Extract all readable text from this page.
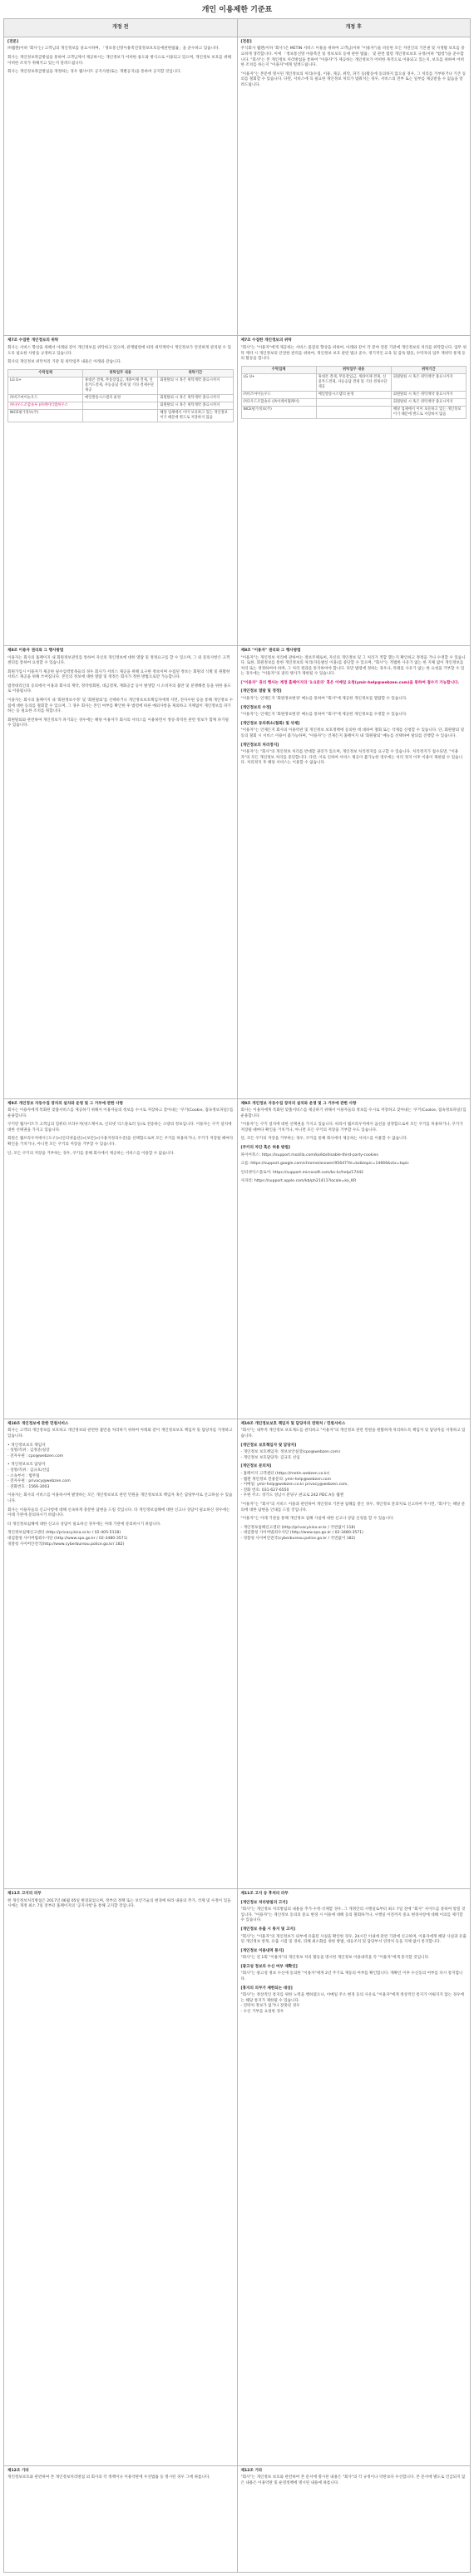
개인 이용제한 기준표
개정 전	개정 후

[전문]
㈜웹젠(이하 '회사'는) 고객님의 개인정보를 중요시하며, 「정보통신망이용촉진및정보보호등에관한법률」을 준수하고 있습니다.
회사는 개인정보취급방침을 통하여 고객님께서 제공하시는 개인정보가 어떠한 용도와 방식으로 이용되고 있으며, 개인정보 보호를 위해 어떠한 조치가 취해지고 있는지 알려드립니다.
회사는 개인정보취급방침을 개정하는 경우 웹사이트 공지사항(또는 개별공지)을 통하여 공지할 것입니다.

[전문]
주식회사 웹젠(이하 '회사')은 METIN 서비스 이용을 위하여 고객님(이하 "이용자")을 비롯한 모든 자연인의 기본권 및 사생활 보호를 중요하게 생각합니다. 이에 「정보통신망 이용촉진 및 정보보호 등에 관한 법률」 및 관련 법령 개인정보보호 규정(이하 "법령")을 준수합니다. "회사"는 본 개인정보 처리방침을 통하여 "이용자"가 제공하는 개인정보가 어떠한 목적으로 이용되고 있는지, 보호를 위하여 어떠한 조치를 하는지 "이용자"에게 알려드립니다.
"이용자"는 본문에 명시된 개인정보의 처리(수집, 이용, 제공, 위탁, 파기 등)활동에 동의하지 않으실 경우, 그 처리를 거부하거나 기존 동의를 철회할 수 있습니다. 다만, 서비스에 꼭 필요한 개인정보 처리가 멈춰지는 경우, 서비스의 전부 또는 일부를 제공받을 수 없음을 알려드립니다.

제7조 수집한 개인정보의 위탁
회사는 서비스 향상을 위해서 아래와 같이 개인정보를 위탁하고 있으며, 관계법령에 따라 위탁계약시 개인정보가 안전하게 관리될 수 있도록 필요한 사항을 규정하고 있습니다.
회사의 개인정보 위탁처리 기관 및 위탁업무 내용은 아래와 같습니다.
수탁업체	위탁업무 내용	위탁기간
LG U+	휴대폰 결제, 무통장입금, 계좌이체 결제, 신용카드결제, 자동응답 결제 및 기타 결제수단 제공	회원탈퇴 시 혹은 위탁계약 종료시까지
㈜비즈마이놀우드	메일발송시스템의 운영	회원탈퇴 시 혹은 위탁계약 종료시까지
㈜다우드조합솔루 (㈜케이티엠허우스		회원탈퇴 시 혹은 위탁계약 종료시까지
NICE평가정보(주)		해당 업체에서 이미 보유하고 있는 개인정보이기 때문에 별도로 저장하지 않음

제7조 수집한 개인정보의 위탁
"회사"는 "이용자"에게 제공하는 서비스 품질의 향상을 위하여, 아래와 같이 각 분야 전문 기관에 개인정보의 처리를 위탁합니다. 업무 위탁 계약 시 개인정보의 안전한 관리를 위하여, 개인정보 보호 관련 법규 준수, 정기적인 교육 및 감독 활동, 수탁자의 업무 재위탁 통제 등의 활동을 합니다.
수탁업체	위탁업무 내용	위탁기간
LG U+	휴대폰 결제, 무통장입금, 계좌이체 결제, 신용카드결제, 자동응답 결제 및 기타 결제수단 제공	회원탈퇴 시 혹은 위탁계약 종료시까지
㈜비즈마이놀우드	메일발송시스템의 운영	회원탈퇴 시 혹은 위탁계약 종료시까지
㈜다우드조합솔루 (㈜이케이월페이)		회원탈퇴 시 혹은 위탁계약 종료시까지
NICE평가정보(주)		해당 업체에서 이미 보유하고 있는 개인정보이기 때문에 별도로 저장하지 않음

제8조 이용자 권리와 그 행사방법
이용자는 회사의 홈페이지 내 회원정보관리를 통하여 자신의 개인정보에 대한 열람 및 정정요구를 할 수 있으며, 그 외 문의사항은 고객센터를 통하여 요청할 수 있습니다.
회원가입시 이용자가 제공한 필수입력항목들의 경우 회사가 서비스 제공을 위해 요구한 정보이며 수집된 정보는 회원의 식별 및 원활한 서비스 제공을 위해 쓰여집니다. 본인의 정보에 대한 열람 및 정정은 회사가 정한 방법으로만 가능합니다.
법정대리인의 동의에서 이용과 회사의 계약, 정약청회원, 대금결제, 재화공급 등이 발생할 시 소비자의 불만 및 분쟁해결 등을 위한 용도로 이용됩니다.
이용자는 회사의 홈페이지 내 '회원정보수정' 및 '회원탈퇴'를 선택하거나 개인정보보호책임자에게 서면, 전자우편 등을 통해 개인정보 수집에 대한 동의를 철회할 수 있으며, 그 경우 회사는 본인 여부를 확인한 후 법령에 따른 예외사항을 제외하고 지체없이 개인정보를 파기하는 등 필요한 조치를 취합니다.
회원탈퇴와 관련하여 개인정보가 파기되는 경우에는 해당 이용자가 회사의 서비스를 이용하면서 생성·축적된 관련 정보가 함께 파기될 수 있습니다.

제8조 "이용자" 권리와 그 행사방법
"이용자"는 개인정보 처리에 관하여는 정보주체로써, 자신의 개인정보 및 그 처리가 적합 했는지 확인하고 정정을 거나 수정할 수 있습니다. 또한, 회원정보를 통한 개인정보의 처리(자동발신 이용)를 중단할 수 있으며, "회사"는 적법한 사유가 없는 한 지체 없이 개인정보를 처리 또는 정정하여야 하며, 그 처리 결과를 통지하여야 합니다. 다만 법령에 정하는 경우나, 특례를 사유가 없는 한 요청을 거부할 수 있는 경우에는 "이용자"의 권리 행사가 제한될 수 있습니다.
["이용자" 권리 행사는 계정 홈페이지의 '1:1문의' 혹은 이메일 요청(ymir-help@webzen.com)을 통하여 접수가 가능합니다.
[개인정보 열람 및 정정]
"이용자"는 언제든지 '회원정보변경' 메뉴를 통하여 "회사"에 제공한 개인정보를 열람할 수 있습니다.
[개인정보의 수정]
"이용자"는 언제든지 '회원정보변경' 메뉴를 통하여 "회사"에 제공한 개인정보를 수정할 수 있습니다.
[개인정보 동의취소(철회) 및 삭제]
"이용자"는 언제든지 회사의 이용약관 및 개인정보 보호정책에 동의한 데 대하여 철회 또는 삭제를 신청할 수 있습니다. 단, 회원탈퇴 및 동의 철회 시 서비스 이용이 불가능하며, "이용자"는 언제든지 홈페이지 내 '회원탈퇴' 메뉴를 선택하여 탈퇴를 진행할 수 있습니다.
[개인정보의 처리정지]
"이용자"는 "회사"의 개인정보 처리를 반대할 권리가 있으며, 개인정보 처리정지를 요구할 수 있습니다. 처리정지가 접수되면, "이용자"의 모든 개인정보 처리를 중단합니다. 다만, 이로 인하여 서비스 제공이 불가능한 경우에는 처리 정지 이후 이용이 제한될 수 있습니다. 처리정지 후 해당 서비스는 이용할 수 없습니다.

제9조 개인정보 자동수집 장치의 설치와 운영 및 그 거부에 관한 사항
회사는 이용자에게 특화된 맞춤서비스를 제공하기 위해서 이용자들의 정보를 수시로 저장하고 찾아내는 '쿠키(Cookie, 접속정보파일)'를 운용합니다.
쿠키란 웹사이트가 고객님의 컴퓨터 브라우저(넷스케이프, 인터넷 익스플로러 등)로 전송하는 소량의 정보입니다. 이용자는 쿠키 설치에 대한 선택권을 가지고 있습니다.
회원은 웹브라우저에서 [도구]>[인터넷옵션]>[보안]>[사용자정의수준]을 선택함으로써 모든 쿠키를 허용하거나, 쿠키가 저장될 때마다 확인을 거치거나, 아니면 모든 쿠키의 저장을 거부할 수 있습니다.
단, 모든 쿠키의 저장을 거부하는 경우, 쿠키를 통해 회사에서 제공하는 서비스를 이용할 수 없습니다.

제9조 개인정보 자동수집 장치의 설치와 운영 및 그 거부에 관한 사항
회사는 이용자에게 특화된 맞춤서비스를 제공하기 위해서 이용자들의 정보를 수시로 저장하고 찾아내는 '쿠키(Cookie, 접속정보파일)'를 운용합니다.
"이용자"는 쿠키 설치에 대한 선택권을 가지고 있습니다. 따라서 웹브라우저에서 옵션을 설정함으로써 모든 쿠키를 허용하거나, 쿠키가 저장될 때마다 확인을 거치거나, 아니면 모든 쿠키의 저장을 거부할 수도 있습니다.
단, 모든 쿠키의 저장을 거부하는 경우, 쿠키를 통해 회사에서 제공하는 서비스를 이용할 수 없습니다.
[쿠키의 차단 혹은 허용 방법]
파이어폭스: https://support.mozilla.com/ko/kb/disable-third-party-cookies
크롬: https://support.google.com/chrome/answer/95647?hl=ko&topic=14666&ctx=topic
인터넷익스플로어: https://support.microsoft.com/ko-kr/help/17442
사파리: https://support.apple.com/kb/ph21411?locale=ko_KR

제10조 개인정보에 관한 민원서비스
회사는 고객의 개인정보를 보호하고 개인정보와 관련한 불만을 처리하기 위하여 아래와 같이 개인정보보호 책임자 및 담당자를 지정하고 있습니다.
• 개인정보보호 책임자
- 성명/직위 : 김정준/실장
- 전자우편 : cpo@webzen.com
• 개인정보보호 담당자
- 성명/직위 : 김규호/선임
- 소속부서 : 법무팀
- 전자우편 : privacy@webzen.com
- 전화번호 : 1566-3003
이용자는 회사의 서비스를 이용하시며 발생하는 모든 개인정보보호 관련 민원을 개인정보보호 책임자 혹은 담당부서로 신고하실 수 있습니다.
회사는 이용자들의 신고사항에 대해 신속하게 충분한 답변을 드릴 것입니다. 타 개인정보침해에 대한 신고나 상담이 필요하신 경우에는 아래 기관에 문의하시기 바랍니다.
타 개인정보침해에 대한 신고나 상담이 필요하신 경우에는 아래 기관에 문의하시기 바랍니다.
개인정보침해신고센터 (http://privacy.kisa.or.kr / 02-405-5118)
대검찰청 사이버범죄수사단 (http://www.spo.go.kr / 02-3480-3571)
경찰청 사이버안전국(http://www.cyberbureau.police.go.kr/ 182)

제10조 개인정보보호 책임자 및 담당자의 연락처 / 민원서비스
"회사"는 내부적 개인정보 보호제도를 관리하고 "이용자"의 개인정보 관련 민원을 원활하게 처리하도록 책임자 및 담당자를 지정하고 있습니다.
[개인정보 보호책임자 및 담당자]
- 개인정보 보호책임자: 정보보안실장(cpo@webzen.com)
- 개인정보 보호담당자: 김규호 선임
[개인정보 문의처]
- 홈페이지 고객센터 (https://metin.webzen.co.kr)
- 웹젠 개인정보 전용문의: ymir-help@webzen.com
- 이메일: ymir-help@webzen.co.kr privacy@webzen.com,
- 전화 번호: 031-627-6550
- 우편 주소: 경기도 성남시 분당구 판교로 242 PDC A동 웹젠
"이용자"는 "회사"의 서비스 이용과 관련하여 개인정보 기본권 침해를 받은 경우, 개인정보 문의처로 신고하여 주시면, "회사"는 해당 문의에 대한 답변을 안내를 드릴 것입니다.
"이용자"는 아래 기관을 통해 개인정보 침해 사실에 대한 신고나 상담 신청을 할 수 있습니다.
- 개인정보침해신고센터 (http://privacy.kisa.or.kr / 국번없이 118)
- 대검찰청 사이버범죄수사단 (http://www.spo.go.kr / 02-3480-3571)
- 경찰청 사이버안전국(cyberbureau.police.go.kr / 국번없이 182)

제11조 고지의 의무
현 개인정보처리방침은 2017년 06월 05일 변경되었으며, 정부의 정책 또는 보안기술의 변경에 따라 내용의 추가, 삭제 및 수정이 있을 시에는 개정 최소 7일 전부터 홈페이지의 '공지사항'을 통해 고지할 것입니다.

제11조 고지 등 후처리 의무
[개인정보 처리방침의 고지]
"회사"는 개인정보 처리방침의 내용을 추가·수정·삭제할 경우, 그 개정안의 시행일로부터 최소 7일 전에 "회사" 사이트를 통하여 알릴 것입니다. "이용자"는 개인정보 동의의 중요 변경 시 이용에 대해 동의 철회하거나, 시행일 이전까지 중요 변경사항에 대해 이의를 제기할 수 있습니다.
[개인정보 유출 시 통지 및 고지]
"회사"는 "이용자"의 개인정보가 외부에 유출된 사실을 확인한 경우, 24시간 이내에 관련 기관에 신고하며, 이용자에게 해당 사실과 유출된 개인정보 항목, 유출 시점 및 경위, 피해 최소화를 위한 방법, 대응조치 및 담당부서 연락처 등을 지체 없이 통지합니다.
[개인정보 이용내역 통지]
"회사"는 연 1회 "이용자"의 개인정보 처리 활동을 명시한 개인정보 이용내역을 각 "이용자"에게 통지할 것입니다.
[광고성 정보의 수신 여부 재확인]
"회사"는 광고성 정보 수신에 동의한 "이용자"에게 2년 주기로 재동의 여부를 확인합니다. 재확인 이후 수신동의 여부를 다시 통지합니다.
[휴지의 의무가 제한되는 대상]
"회사"는 정상적인 통지를 위한 노력을 행하였으나, 이메일 주소 변경 등의 사유로 "이용자"에게 정상적인 통지가 이뤄지지 않는 경우에는 해당 통지가 제한될 수 있습니다.
- 연락처 정보가 없거나 잘못된 경우
- 수신 거부를 요청한 경우

제12조 기타
개인정보보호와 관련하여 본 개인정보처리방침 외 회사의 각 정책이나 이용약관에 우선법률 등 명시된 경우 그에 따릅니다.

제12조 기타
"회사"는 개인정보 보호와 관련하여 본 문서에 명시된 내용은 "회사"의 각 규정이나 약관보다 우선합니다. 본 문서에 별도로 언급되지 않은 내용은 이용약관 및 운영정책에 명시된 내용에 따릅니다.
